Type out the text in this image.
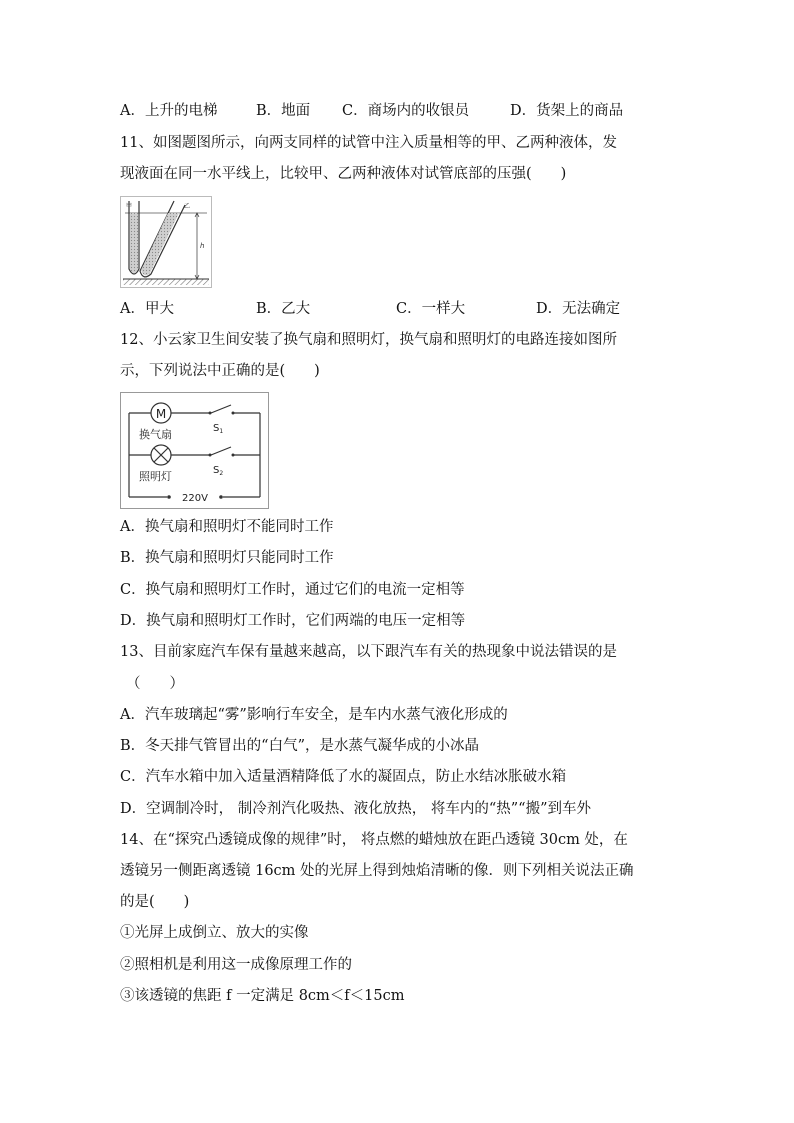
A．上升的电梯	B．地面 C．商场内的收银员	D．货架上的商品
11、如图题图所示，向两支同样的试管中注入质量相等的甲、乙两种液体，发
现液面在同一水平线上，比较甲、乙两种液体对试管底部的压强(　　)
甲	乙
h
A．甲大	B．乙大	C．一样大	D．无法确定
12、小云家卫生间安装了换气扇和照明灯，换气扇和照明灯的电路连接如图所
示，下列说法中正确的是(　　)
M
$S_1$
换气扇
$S_2$
照明灯
220V
A．换气扇和照明灯不能同时工作
B．换气扇和照明灯只能同时工作
C．换气扇和照明灯工作时，通过它们的电流一定相等
D．换气扇和照明灯工作时，它们两端的电压一定相等
13、目前家庭汽车保有量越来越高，以下跟汽车有关的热现象中说法错误的是
（　　）
A．汽车玻璃起“雾”影响行车安全，是车内水蒸气液化形成的
B．冬天排气管冒出的“白气”，是水蒸气凝华成的小冰晶
C．汽车水箱中加入适量酒精降低了水的凝固点，防止水结冰胀破水箱
D．空调制冷时， 制冷剂汽化吸热、液化放热， 将车内的“热”“搬”到车外
14、在“探究凸透镜成像的规律”时， 将点燃的蜡烛放在距凸透镜 30cm 处，在
透镜另一侧距离透镜 16cm 处的光屏上得到烛焰清晰的像．则下列相关说法正确
的是(　　)
①光屏上成倒立、放大的实像
②照相机是利用这一成像原理工作的
③该透镜的焦距 f 一定满足 8cm＜f＜15cm
